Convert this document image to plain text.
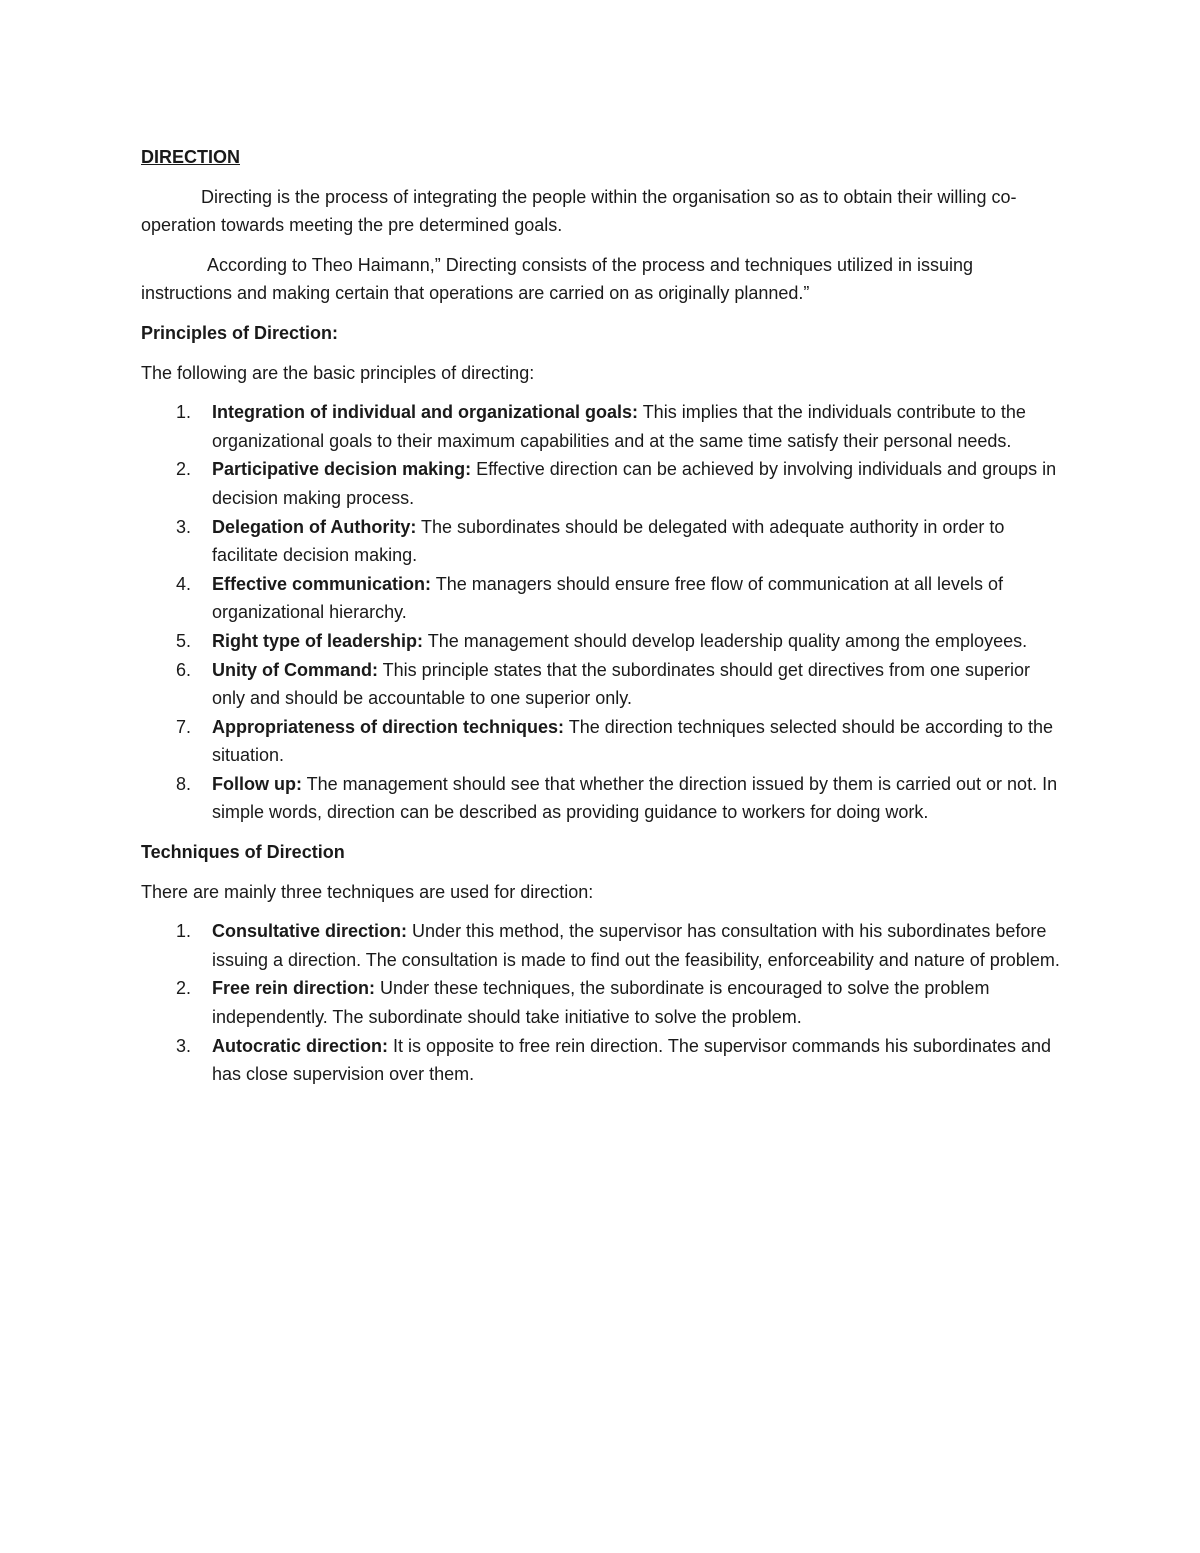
DIRECTION

Directing is the process of integrating the people within the organisation so as to obtain their willing co-operation towards meeting the pre determined goals.

According to Theo Haimann,” Directing consists of the process and techniques utilized in issuing instructions and making certain that operations are carried on as originally planned.”

Principles of Direction:

The following are the basic principles of directing:

1. Integration of individual and organizational goals: This implies that the individuals contribute to the organizational goals to their maximum capabilities and at the same time satisfy their personal needs.
2. Participative decision making: Effective direction can be achieved by involving individuals and groups in decision making process.
3. Delegation of Authority: The subordinates should be delegated with adequate authority in order to facilitate decision making.
4. Effective communication: The managers should ensure free flow of communication at all levels of organizational hierarchy.
5. Right type of leadership: The management should develop leadership quality among the employees.
6. Unity of Command: This principle states that the subordinates should get directives from one superior only and should be accountable to one superior only.
7. Appropriateness of direction techniques: The direction techniques selected should be according to the situation.
8. Follow up: The management should see that whether the direction issued by them is carried out or not. In simple words, direction can be described as providing guidance to workers for doing work.
Techniques of Direction

There are mainly three techniques are used for direction:

1. Consultative direction: Under this method, the supervisor has consultation with his subordinates before issuing a direction. The consultation is made to find out the feasibility, enforceability and nature of problem.
2. Free rein direction: Under these techniques, the subordinate is encouraged to solve the problem independently. The subordinate should take initiative to solve the problem.
3. Autocratic direction: It is opposite to free rein direction. The supervisor commands his subordinates and has close supervision over them.
